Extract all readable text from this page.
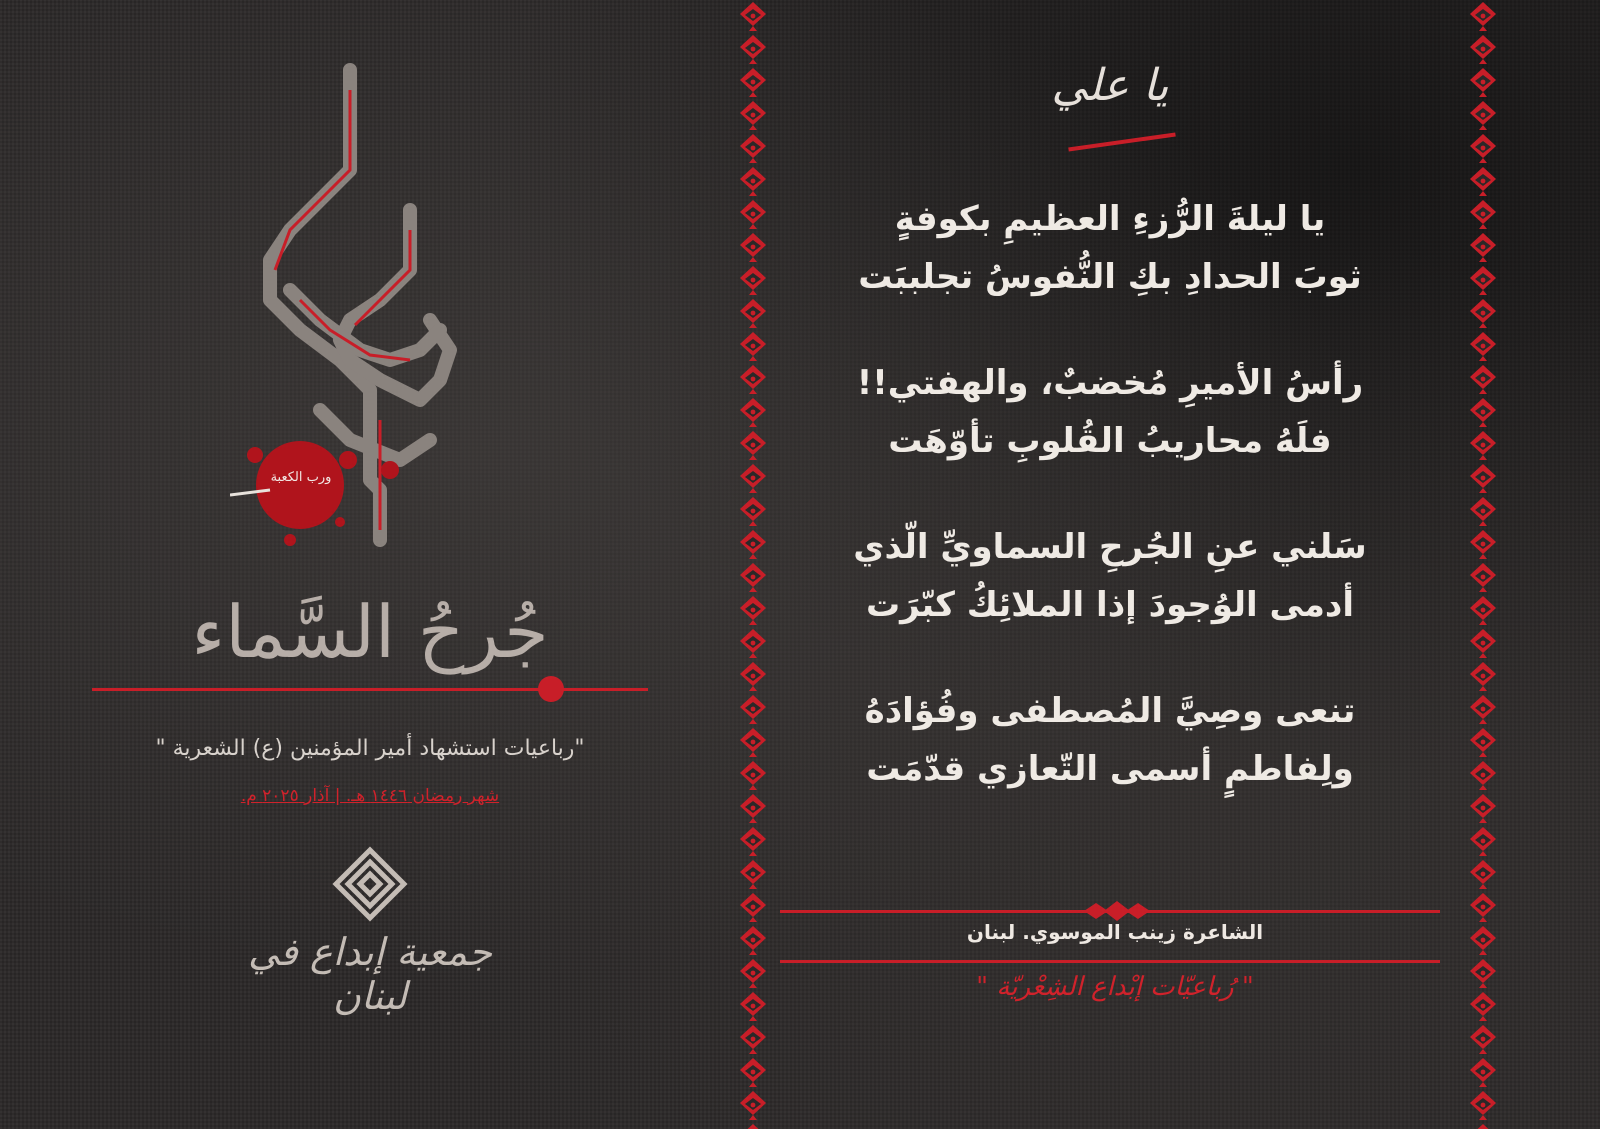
ورب الكعبة
جُرحُ السَّماء
"رباعيات استشهاد أمير المؤمنين (ع) الشعرية "
شهر رمضان ١٤٤٦ هـ. | آذار ٢٠٢٥ م.
جمعية إبداع في لبنان
يا علي
يا ليلةَ الرُّزءِ العظيمِ بكوفةٍ
ثوبَ الحدادِ بكِ النُّفوسُ تجلببَت
رأسُ الأميرِ مُخضبٌ، والهفتي!!
فلَهُ محاريبُ القُلوبِ تأوّهَت
سَلني عنِ الجُرحِ السماويِّ الّذي
أدمى الوُجودَ إذا الملائِكُ كبّرَت
تنعى وصِيَّ المُصطفى وفُؤادَهُ
ولِفاطمٍ أسمى التّعازي قدّمَت
الشاعرة زينب الموسوي. لبنان
" رُباعيّات إبْداع الشِعْريّة "
